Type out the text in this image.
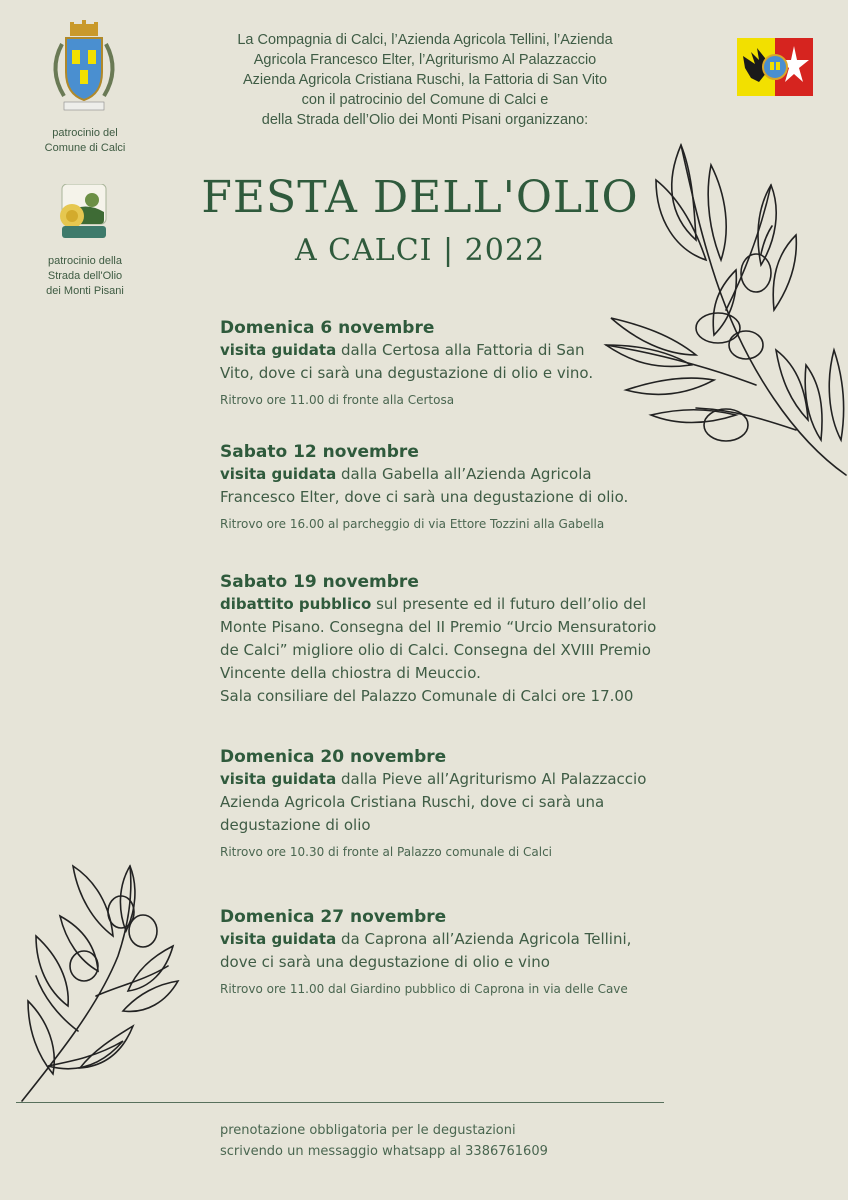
patrocinio del
Comune di Calci
patrocinio della
Strada dell'Olio
dei Monti Pisani
La Compagnia di Calci, l’Azienda Agricola Tellini, l’Azienda
Agricola Francesco Elter, l’Agriturismo Al Palazzaccio
Azienda Agricola Cristiana Ruschi, la Fattoria di San Vito
con il patrocinio del Comune di Calci e
della Strada dell’Olio dei Monti Pisani organizzano:
FESTA DELL'OLIO
A CALCI | 2022
Domenica 6 novembre
visita guidata dalla Certosa alla Fattoria di San
Vito, dove ci sarà una degustazione di olio e vino.
Ritrovo ore 11.00 di fronte alla Certosa
Sabato 12 novembre
visita guidata dalla Gabella all’Azienda Agricola
Francesco Elter, dove ci sarà una degustazione di olio.
Ritrovo ore 16.00 al parcheggio di via Ettore Tozzini alla Gabella
Sabato 19 novembre
dibattito pubblico sul presente ed il futuro dell’olio del
Monte Pisano. Consegna del II Premio “Urcio Mensuratorio
de Calci” migliore olio di Calci. Consegna del XVIII Premio
Vincente della chiostra di Meuccio.
Sala consiliare del Palazzo Comunale di Calci ore 17.00
Domenica 20 novembre
visita guidata dalla Pieve all’Agriturismo Al Palazzaccio
Azienda Agricola Cristiana Ruschi, dove ci sarà una
degustazione di olio
Ritrovo ore 10.30 di fronte al Palazzo comunale di Calci
Domenica 27 novembre
visita guidata da Caprona all’Azienda Agricola Tellini,
dove ci sarà una degustazione di olio e vino
Ritrovo ore 11.00 dal Giardino pubblico di Caprona in via delle Cave
prenotazione obbligatoria per le degustazioni
scrivendo un messaggio whatsapp al 3386761609
